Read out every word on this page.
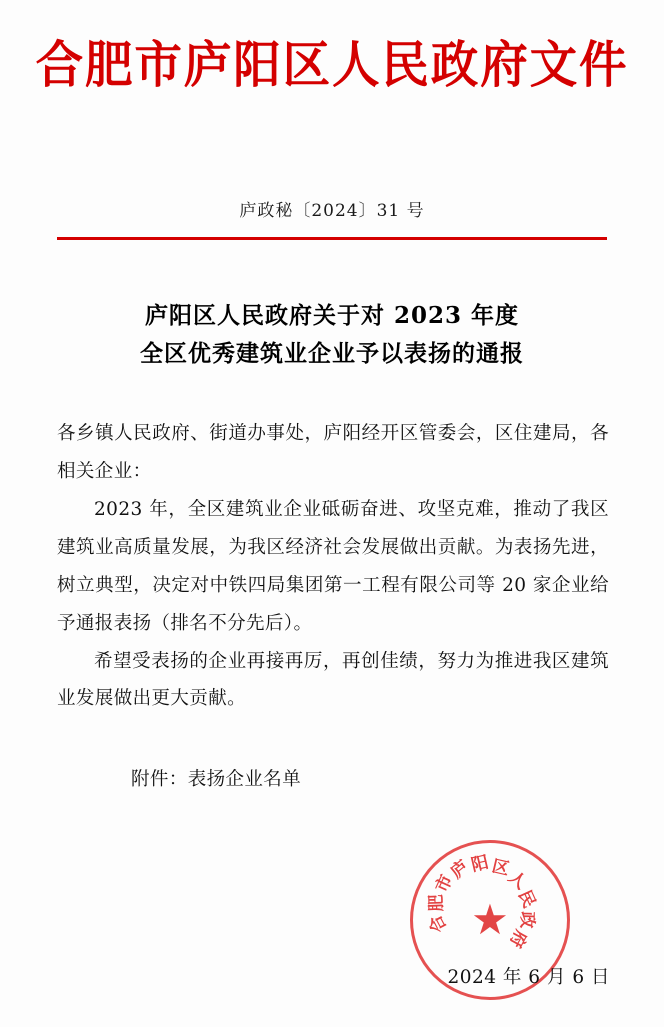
合肥市庐阳区人民政府文件
庐政秘〔2024〕31 号
庐阳区人民政府关于对 2023 年度
全区优秀建筑业企业予以表扬的通报

各乡镇人民政府、街道办事处，庐阳经开区管委会，区住建局，各相关企业：

2023 年，全区建筑业企业砥砺奋进、攻坚克难，推动了我区建筑业高质量发展，为我区经济社会发展做出贡献。为表扬先进，树立典型，决定对中铁四局集团第一工程有限公司等 20 家企业给予通报表扬（排名不分先后）。

希望受表扬的企业再接再厉，再创佳绩，努力为推进我区建筑业发展做出更大贡献。

附件：表扬企业名单
合
肥
市
庐
阳 区
人
民
政
府
★
2024 年 6 月 6 日
